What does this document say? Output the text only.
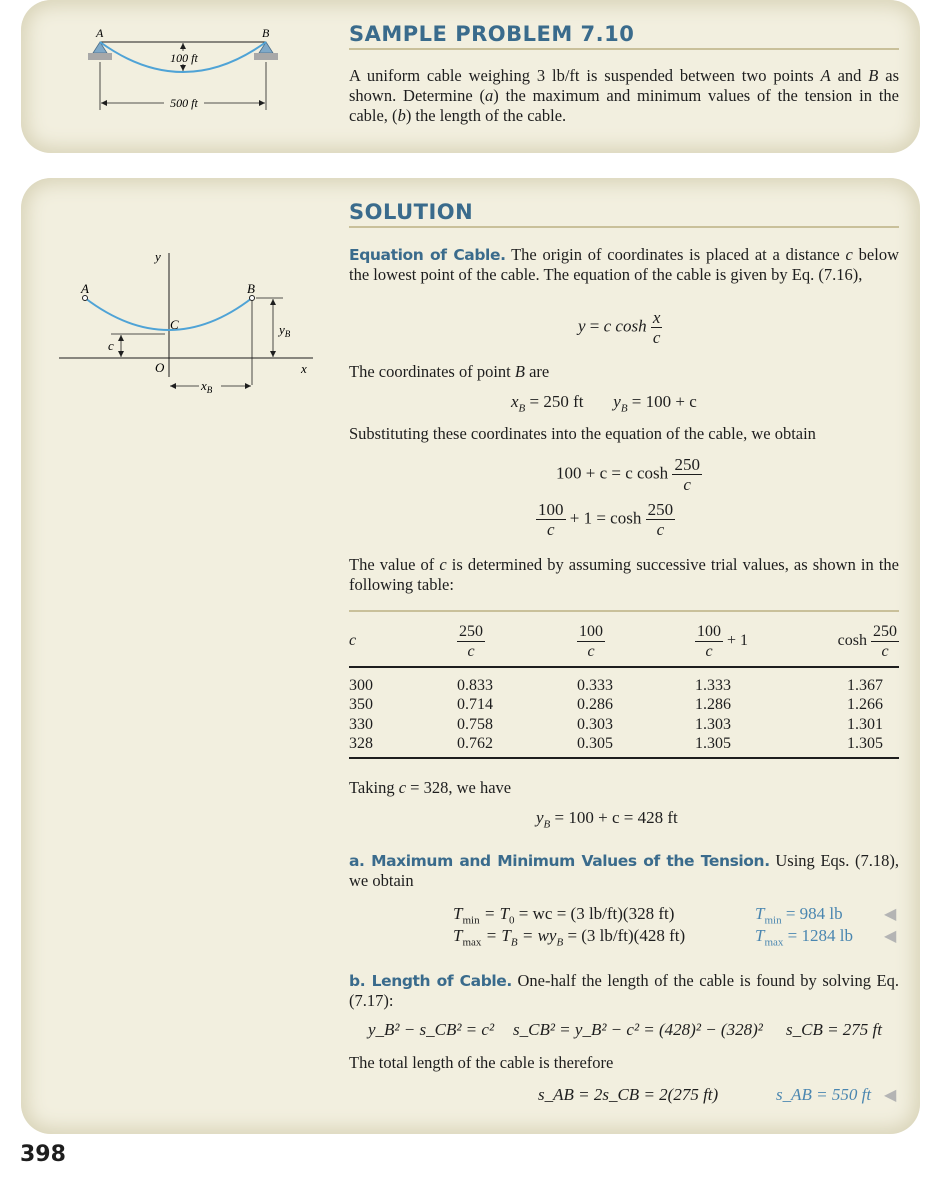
A	B
100 ft
500 ft
SAMPLE PROBLEM 7.10
A uniform cable weighing 3 lb/ft is suspended between two points A and B as shown. Determine (a) the maximum and minimum values of the tension in the cable, (b) the length of the cable.
y
x
O
A	B
C
c
$y_B$
$x_B$
SOLUTION
Equation of Cable. The origin of coordinates is placed at a distance c below the lowest point of the cable. The equation of the cable is given by Eq. (7.16),
y = c $\cosh \frac{x}{c}$
The coordinates of point B are
$x_B = 250$ ft $y_B = 100 + c$
Substituting these coordinates into the equation of the cable, we obtain
100 + c = c $\cosh \frac{250}{c}$
$\frac{100}{c} + 1 = \cosh \frac{250}{c}$
The value of c is determined by assuming successive trial values, as shown in the following table:
c	$\frac{250}{c}$	$\frac{100}{c}$	$\frac{100}{c} + 1$	$\cosh \frac{250}{c}$

300	0.833	0.333	1.333	1.367
350	0.714	0.286	1.286	1.266
330	0.758	0.303	1.303	1.301
328	0.762	0.305	1.305	1.305
Taking c = 328, we have
$y_B = 100 + c = 428$ ft
a. Maximum and Minimum Values of the Tension. Using Eqs. (7.18), we obtain
$T_{min} = T_0$ = wc = (3 lb/ft)(328 ft)	$T_{min} = 984$ lb	◀
$T_{max} = T_B = wy_B = (3$ lb/ft)(428 ft)	$T_{max} = 1284$ lb ◀
b. Length of Cable. One-half the length of the cable is found by solving Eq. (7.17):
y_B² − s_CB² = c² s_CB² = y_B² − c² = (428)² − (328)² s_CB = 275 ft
The total length of the cable is therefore
s_AB = 2s_CB = 2(275 ft)	s_AB = 550 ft ◀
398
